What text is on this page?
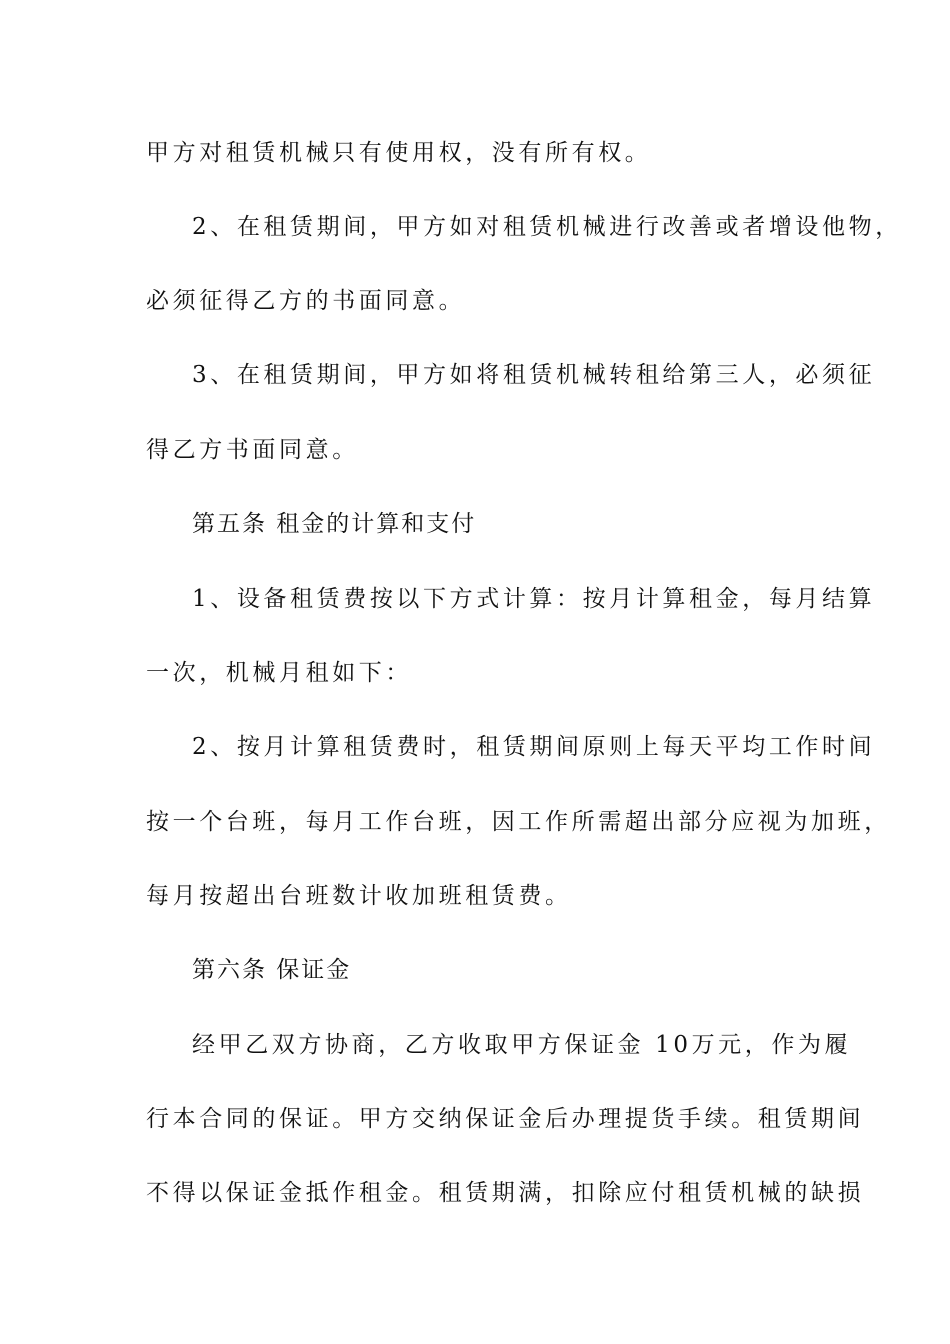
甲方对租赁机械只有使用权，没有所有权。
2、在租赁期间，甲方如对租赁机械进行改善或者增设他物，
必须征得乙方的书面同意。
3、在租赁期间，甲方如将租赁机械转租给第三人，必须征
得乙方书面同意。
第五条 租金的计算和支付
1、设备租赁费按以下方式计算：按月计算租金，每月结算
一次，机械月租如下：
2、按月计算租赁费时，租赁期间原则上每天平均工作时间
按一个台班，每月工作台班，因工作所需超出部分应视为加班，
每月按超出台班数计收加班租赁费。
第六条 保证金
经甲乙双方协商，乙方收取甲方保证金 10万元，作为履
行本合同的保证。甲方交纳保证金后办理提货手续。租赁期间
不得以保证金抵作租金。租赁期满，扣除应付租赁机械的缺损
